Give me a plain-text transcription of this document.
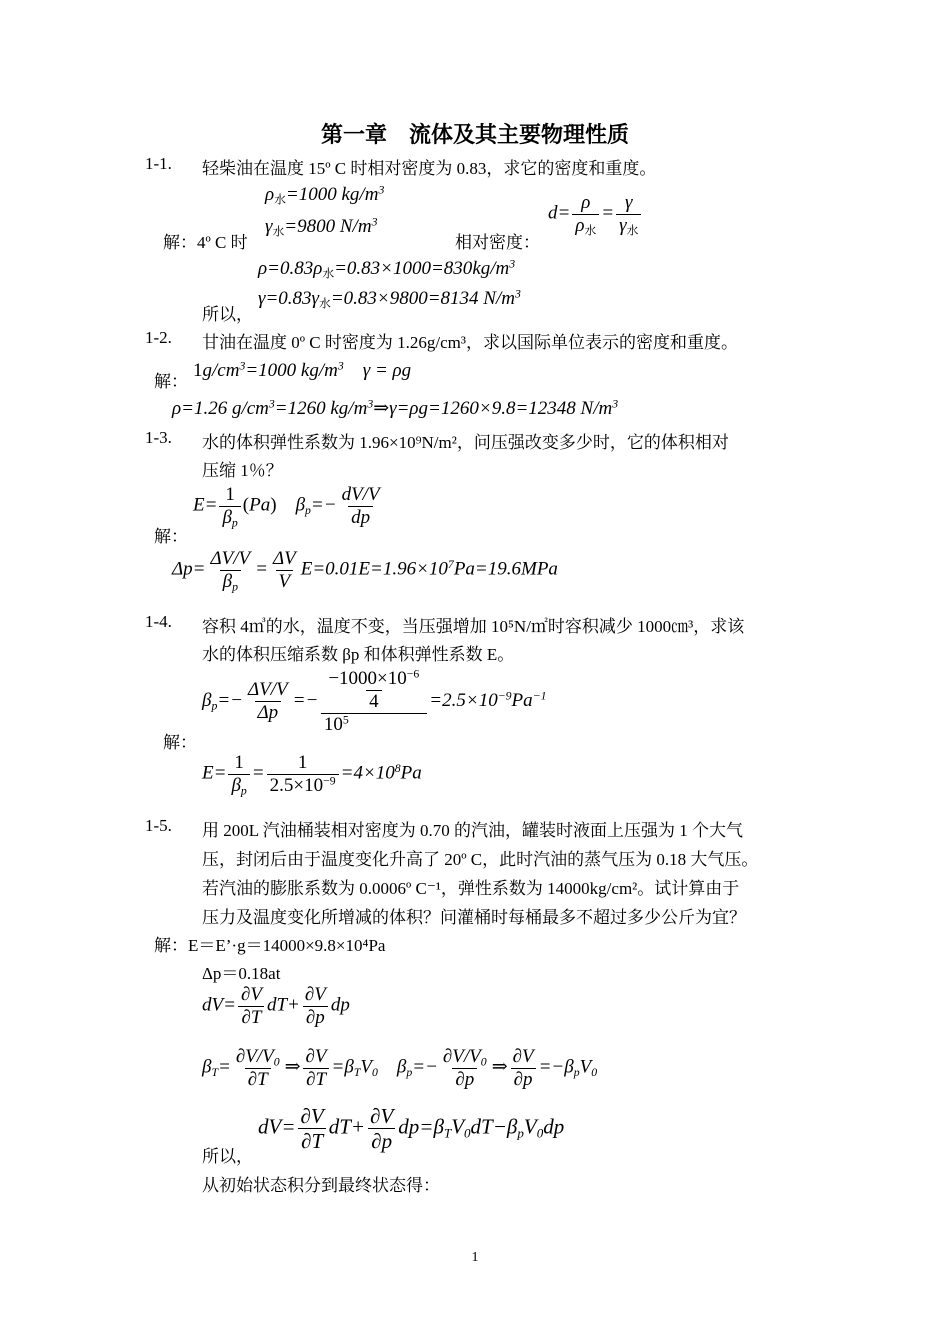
第一章　流体及其主要物理性质
1-1. 轻柴油在温度 15º C 时相对密度为 0.83，求它的密度和重度。
$\rho_水=1000$ $kg/m^3$
$\gamma_水=9800$ $N/m^3$
解：4º C 时	相对密度：
$d= \frac{\rho}{\rho_水} = \frac{\gamma}{\gamma_水}$
$\rho=0.83\rho_水=0.83\times 1000=830kg/m^3$
所以，
$\gamma=0.83\gamma_水=0.83\times 9800=8134$ $N/m^3$
1-2. 甘油在温度 0º C 时密度为 1.26g/cm³，求以国际单位表示的密度和重度。
解：
$1g/cm^3=1000$ $kg/m^3$    γ = ρg
ρ=1.26 $g/cm^3=1260$ $kg/m^3\Rightarrow\gamma=\rho g=1260\times 9.8=12348$ $N/m^3$
1-3. 水的体积弹性系数为 1.96×10⁹N/m²，问压强改变多少时，它的体积相对
压缩 1％？
$E= \frac{1}{\beta_p} (Pa)$    $\beta_p=- \frac{dV/V}{dp}$
解：
$\Delta p= \frac{\Delta V/V}{\beta_p} = \frac{\Delta V}{V} E=0.01E=1.96\times 10^7Pa=19.6MPa$
1-4. 容积 4㎥的水，温度不变，当压强增加 10⁵N/㎡时容积减少 1000㎝³，求该
水的体积压缩系数 βp 和体积弹性系数 E。
$\beta_p=- \frac{\Delta V/V}{\Delta p} =- \frac{\frac{-1000\times 10^{-6}}{4}}{10^5} =2.5\times 10^{-9}Pa^{-1}$
解：
$E= \frac{1}{\beta_p} = \frac{1}{2.5\times 10^{-9}} =4\times 10^8Pa$
1-5. 用 200L 汽油桶装相对密度为 0.70 的汽油，罐装时液面上压强为 1 个大气
压，封闭后由于温度变化升高了 20º C，此时汽油的蒸气压为 0.18 大气压。
若汽油的膨胀系数为 0.0006º C⁻¹，弹性系数为 14000kg/cm²。试计算由于
压力及温度变化所增减的体积？问灌桶时每桶最多不超过多少公斤为宜？
解：E＝E’·g＝14000×9.8×10⁴Pa
Δp＝0.18at
$dV= \frac{\partial V}{\partial T} dT+ \frac{\partial V}{\partial p}$ dp
$\beta_T= \frac{\partial V/V_0}{\partial T}$ ⇒ $\frac{\partial V}{\partial T} =\beta_TV_0$    $\beta_p=- \frac{\partial V/V_0}{\partial p}$ ⇒ $\frac{\partial V}{\partial p} =-\beta_pV_0$
$dV= \frac{\partial V}{\partial T} dT+ \frac{\partial V}{\partial p} dp=\beta_TV_0dT-\beta_pV_0dp$
所以，
从初始状态积分到最终状态得：
1
